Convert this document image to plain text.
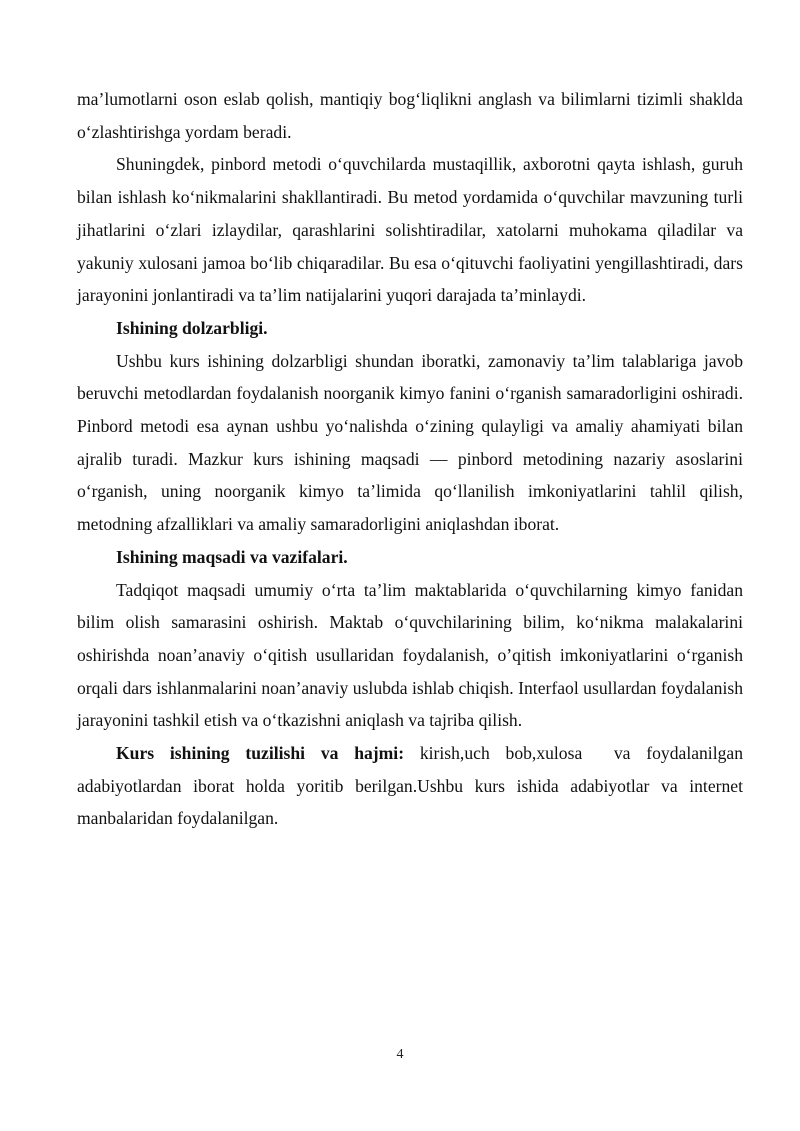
ma’lumotlarni oson eslab qolish, mantiqiy bog‘liqlikni anglash va bilimlarni tizimli shaklda o‘zlashtirishga yordam beradi.

Shuningdek, pinbord metodi o‘quvchilarda mustaqillik, axborotni qayta ishlash, guruh bilan ishlash ko‘nikmalarini shakllantiradi. Bu metod yordamida o‘quvchilar mavzuning turli jihatlarini o‘zlari izlaydilar, qarashlarini solishtiradilar, xatolarni muhokama qiladilar va yakuniy xulosani jamoa bo‘lib chiqaradilar. Bu esa o‘qituvchi faoliyatini yengillashtiradi, dars jarayonini jonlantiradi va ta’lim natijalarini yuqori darajada ta’minlaydi.

Ishining dolzarbligi.

Ushbu kurs ishining dolzarbligi shundan iboratki, zamonaviy ta’lim talablariga javob beruvchi metodlardan foydalanish noorganik kimyo fanini o‘rganish samaradorligini oshiradi. Pinbord metodi esa aynan ushbu yo‘nalishda o‘zining qulayligi va amaliy ahamiyati bilan ajralib turadi. Mazkur kurs ishining maqsadi — pinbord metodining nazariy asoslarini o‘rganish, uning noorganik kimyo ta’limida qo‘llanilish imkoniyatlarini tahlil qilish, metodning afzalliklari va amaliy samaradorligini aniqlashdan iborat.

Ishining maqsadi va vazifalari.

Tadqiqot maqsadi umumiy o‘rta ta’lim maktablarida o‘quvchilarning kimyo fanidan bilim olish samarasini oshirish. Maktab o‘quvchilarining bilim, ko‘nikma malakalarini oshirishda noan’anaviy o‘qitish usullaridan foydalanish, o’qitish imkoniyatlarini o‘rganish orqali dars ishlanmalarini noan’anaviy uslubda ishlab chiqish. Interfaol usullardan foydalanish jarayonini tashkil etish va o‘tkazishni aniqlash va tajriba qilish.

Kurs ishining tuzilishi va hajmi: kirish,uch bob,xulosa  va foydalanilgan adabiyotlardan iborat holda yoritib berilgan.Ushbu kurs ishida adabiyotlar va internet manbalaridan foydalanilgan.

4
